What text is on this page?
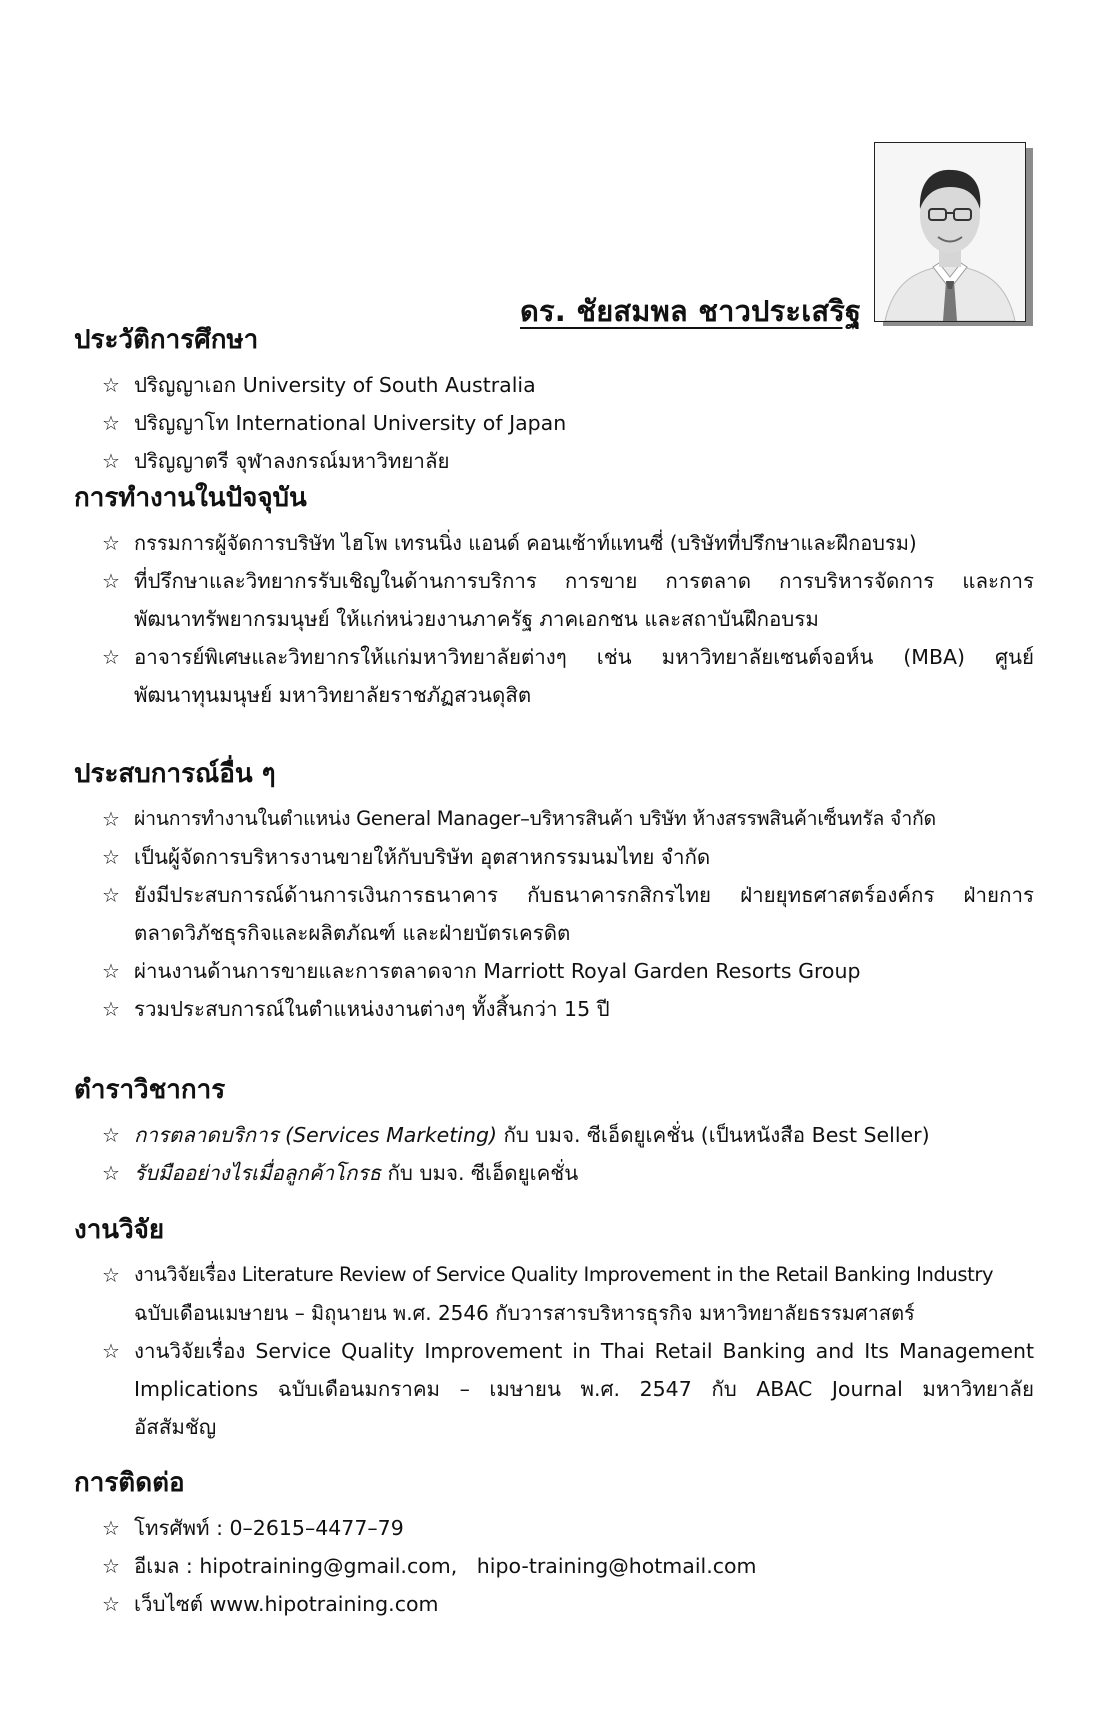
ดร. ชัยสมพล ชาวประเสริฐ
ประวัติการศึกษา
☆ ปริญญาเอก University of South Australia
☆ ปริญญาโท International University of Japan
☆ ปริญญาตรี จุฬาลงกรณ์มหาวิทยาลัย
การทำงานในปัจจุบัน
☆ กรรมการผู้จัดการบริษัท ไฮโพ เทรนนิ่ง แอนด์ คอนเซ้าท์แทนซี่ (บริษัทที่ปรึกษาและฝึกอบรม)
☆ ที่ปรึกษาและวิทยากรรับเชิญในด้านการบริการ การขาย การตลาด การบริหารจัดการ และการ
พัฒนาทรัพยากรมนุษย์ ให้แก่หน่วยงานภาครัฐ ภาคเอกชน และสถาบันฝึกอบรม
☆ อาจารย์พิเศษและวิทยากรให้แก่มหาวิทยาลัยต่างๆ เช่น มหาวิทยาลัยเซนต์จอห์น (MBA) ศูนย์
พัฒนาทุนมนุษย์ มหาวิทยาลัยราชภัฏสวนดุสิต
ประสบการณ์อื่น ๆ
☆ ผ่านการทำงานในตำแหน่ง General Manager–บริหารสินค้า บริษัท ห้างสรรพสินค้าเซ็นทรัล จำกัด
☆ เป็นผู้จัดการบริหารงานขายให้กับบริษัท อุตสาหกรรมนมไทย จำกัด
☆ ยังมีประสบการณ์ด้านการเงินการธนาคาร กับธนาคารกสิกรไทย ฝ่ายยุทธศาสตร์องค์กร ฝ่ายการ
ตลาดวิภัชธุรกิจและผลิตภัณฑ์ และฝ่ายบัตรเครดิต
☆ ผ่านงานด้านการขายและการตลาดจาก Marriott Royal Garden Resorts Group
☆ รวมประสบการณ์ในตำแหน่งงานต่างๆ ทั้งสิ้นกว่า 15 ปี
ตำราวิชาการ
☆ การตลาดบริการ (Services Marketing) กับ บมจ. ซีเอ็ดยูเคชั่น (เป็นหนังสือ Best Seller)
☆ รับมืออย่างไรเมื่อลูกค้าโกรธ กับ บมจ. ซีเอ็ดยูเคชั่น
งานวิจัย
☆ งานวิจัยเรื่อง Literature Review of Service Quality Improvement in the Retail Banking Industry
ฉบับเดือนเมษายน – มิถุนายน พ.ศ. 2546 กับวารสารบริหารธุรกิจ มหาวิทยาลัยธรรมศาสตร์
☆ งานวิจัยเรื่อง Service Quality Improvement in Thai Retail Banking and Its Management
Implications ฉบับเดือนมกราคม – เมษายน พ.ศ. 2547 กับ ABAC Journal มหาวิทยาลัย
อัสสัมชัญ
การติดต่อ
☆ โทรศัพท์ : 0–2615–4477–79
☆ อีเมล : hipotraining@gmail.com,   hipo-training@hotmail.com
☆ เว็บไซต์ www.hipotraining.com
